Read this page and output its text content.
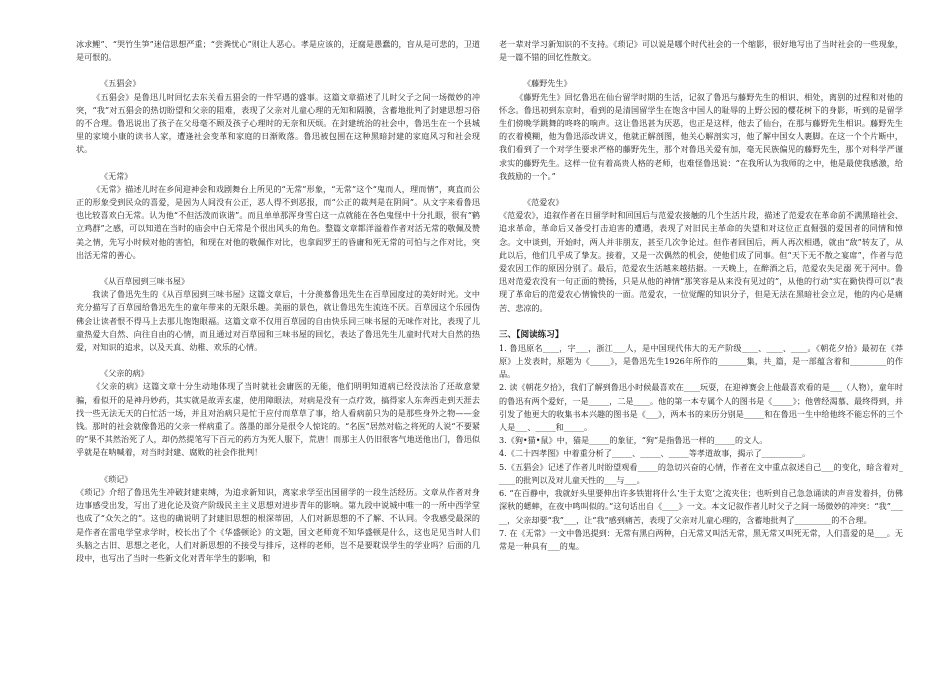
冰求鲤”、“哭竹生笋”迷信思想严重；“尝粪忧心”则让人恶心。孝是应该的，迂腐是愚蠢的，盲从是可悲的，卫道是可恨的。
《五猖会》
《五猖会》是鲁迅儿时回忆去东关看五猖会的一件罕遇的盛事。这篇文章描述了儿时父子之间一场微妙的冲突，“我”对五猖会的热切盼望和父亲的阻难，表现了父亲对儿童心理的无知和隔膜，含蓄地批判了封建思想习俗的不合理。鲁迅说出了孩子在父母毫不顾及孩子心理时的无奈和厌烦。在封建统治的社会中，鲁迅生在一个县城里的家境小康的读书人家，遭逢社会变革和家庭的日渐败落。鲁迅被包围在这种黑暗封建的家庭风习和社会现状。
《无常》
《无常》描述儿时在乡间迎神会和戏剧舞台上所见的“无常”形象，“无常”这个“鬼而人，理而情”，爽直而公正的形象受到民众的喜爱，是因为人间没有公正，恶人得不到恶报，而“公正的裁判是在阴间”。从文字来看鲁迅也比较喜欢白无常。认为他“不但活泼而诙谐”。而且单单那浑身雪白这一点就能在各色鬼怪中十分扎眼，很有“鹤立鸡群”之感，可以知道在当时的庙会中白无常是个很出风头的角色。整篇文章都洋溢着作者对活无常的敬佩及赞美之情，先写小时候对他的害怕，和现在对他的敬佩作对比，也拿阎罗王的昏庸和死无常的可怕与之作对比，突出活无常的善心。
《从百草园到三味书屋》
我读了鲁迅先生的《从百草园到三味书屋》这篇文章后，十分羡慕鲁迅先生在百草园度过的美好时光。文中充分描写了百草园给鲁迅先生的童年带来的无限乐趣。美丽的景色，就让鲁迅先生流连不厌。百草园这个乐园伪佛会让读者恨不得马上去那儿饱饱眼福。这篇文章不仅用百草园的自由快乐同三味书屋的无味作对比，表现了儿童热爱大自然、向往自由的心情，而且通过对百草园和三味书屋的回忆，表达了鲁迅先生儿童时代对大自然的热爱，对知识的追求，以及天真、幼稚、欢乐的心情。
《父亲的病》
《父亲的病》这篇文章十分生动地体现了当时就社会庸医的无能，他们明明知道病已经没法治了还故意蒙骗，看似开的是神丹妙药，其实就是故弄玄虚，使用障眼法，对病是没有一点疗效，搞得家人东奔西走到天涯去找一些无法无天的白忙活一场，并且对治病只是忙于应付而草草了事，给人看病前只为的是那些身外之物——金钱。那时的社会就像鲁迅的父亲一样病重了。落墨的部分是很令人惊诧的。“名医”居然对临之将死的人说“不要紧的”果不其然治死了人，却仍然提笔写下百元的药方为死人服下，荒唐！而那主人仍旧很客气地送他出门，鲁迅似乎就是在呐喊着，对当时封建、腐败的社会作批判！
《琐记》
《琐记》介绍了鲁迅先生冲破封建束缚，为追求新知识，离家求学至出国留学的一段生活经历。文章从作者对身边事感受出发，写出了进化论及资产阶级民主主义思想对进步青年的影响。第九段中说城中唯一的一所中西学堂也成了“众矢之的”。这也的确说明了封建旧思想的根深蒂固，人们对新思想的不了解、不认同。令我感受最深的是作者在雷电学堂求学时，校长出了个《华盛顿论》的文题，国文老师竟不知华盛顿是什么，这也足见当时人们头脑之古旧、思想之老化，人们对新思想的不接受与排斥，这样的老师，岂不是要耽误学生的学业吗？后面的几段中，也写出了当时一些新文化对青年学生的影响，和
老一辈对学习新知识的不支持。《琐记》可以说是哪个时代社会的一个缩影，很好地写出了当时社会的一些现象，是一篇不错的回忆性散文。
《藤野先生》
《藤野先生》回忆鲁迅在仙台留学时期的生活，记叙了鲁迅与藤野先生的相识、相处，离别的过程和对他的怀念。鲁迅初到东京时，看到的是清国留学生在饱含中国人的耻辱的上野公园的樱花树下的身影，听到的是留学生们傍晚学跳舞的咚咚的响声。这让鲁迅甚为厌恶，也正是这样，他去了仙台，在那与藤野先生相识。藤野先生的衣着模糊，他为鲁迅添改讲义，他就正解剖图，他关心解剖实习，他了解中国女人裹脚。在这一个个片断中，我们看到了一个对学生要求严格的藤野先生，那个对鲁迅关爱有加，毫无民族偏见的藤野先生，那个对科学严谨求实的藤野先生。这样一位有着高贵人格的老师，也难怪鲁迅说：“在我所认为我师的之中，他是最使我感激，给我鼓励的一个。”
《范爱农》
《范爱农》，追叙作者在日留学时和回国后与范爱农接触的几个生活片段，描述了范爱农在革命前不满黑暗社会、追求革命，革命后又备受打击迫害的遭遇，表现了对旧民主革命的失望和对这位正直倔强的爱国者的同情和悼念。文中谈到，开始时，两人并非朋友，甚至几次争论过。但作者回国后，两人再次相遇，就由“敌”转友了，从此以后，他们几乎成了挚友。接着，又是一次偶然的机会，使他们成了同事。但“天下无不散之宴席”，作者与范爱农因工作的原因分别了。最后，范爱农生活越来越拮据。一天晚上，在醉酒之后，范爱农失足溺 死于河中。鲁迅对范爱农没有一句正面的赞扬，只是从他的神情“那笑容是从来没有见过的”，从他的行动“实在勤快得可以”表现了革命后的范爱农心情愉快的一面。范爱农，一位觉醒的知识分子，但是无法在黑暗社会立足，他的内心是痛苦、悲凉的。
三、【阅读练习】
1. 鲁迅原名____，字___，浙江___人，是中国现代伟大的无产阶级____、____、____。《朝花夕拾》最初在《莽原》上发表时，原题为《_____》，是鲁迅先生1926年所作的_______集，共_篇，是一部蕴含着和_________的作品。
2. 读《朝花夕拾》，我们了解到鲁迅小时候最喜欢在____玩耍，在迎神赛会上他最喜欢看的是___（人物），童年时的鲁迅有两个爱好，一是_____，二是____。他的第一本专属个人的图书是《_____》；他曾经渴慕、最终得到，并引发了他更大的收集书本兴趣的图书是《___》，两本书的来历分别是_____和在鲁迅一生中给他终不能忘怀的三个人是___、_____和_____。
3.《狗•猫•鼠》中，猫是_____的象征，“狗”是指鲁迅一样的_____的文人。
4.《二十四孝图》中着重分析了_____、_____、_____等孝道故事，揭示了__________。
5.《五猖会》记述了作者儿时盼望观看_____的急切兴奋的心情，作者在文中重点叙述自己___的变化，暗含着对_____的批判以及对儿童天性的___与___。
6. “在百静中，我就好头里要伸出许多铁钳将什么‘生于太览’之流夹住；也听到自己急急诵读的声音发着抖，仿佛深秋的蟋蟀，在夜中鸣叫似的。”这句话出自《____》一文。本文记叙作者儿时父子之间一场微妙的冲突：“我”_____，父亲却要“我”___，让“我”感到痛苦，表现了父亲对儿童心理的，含蓄地批判了_________的不合理。
7. 在《无常》一文中鲁迅提到：无常有黑白两种，白无常又叫活无常，黑无常又叫死无常，人们喜爱的是___。无常是一种具有___的鬼。
